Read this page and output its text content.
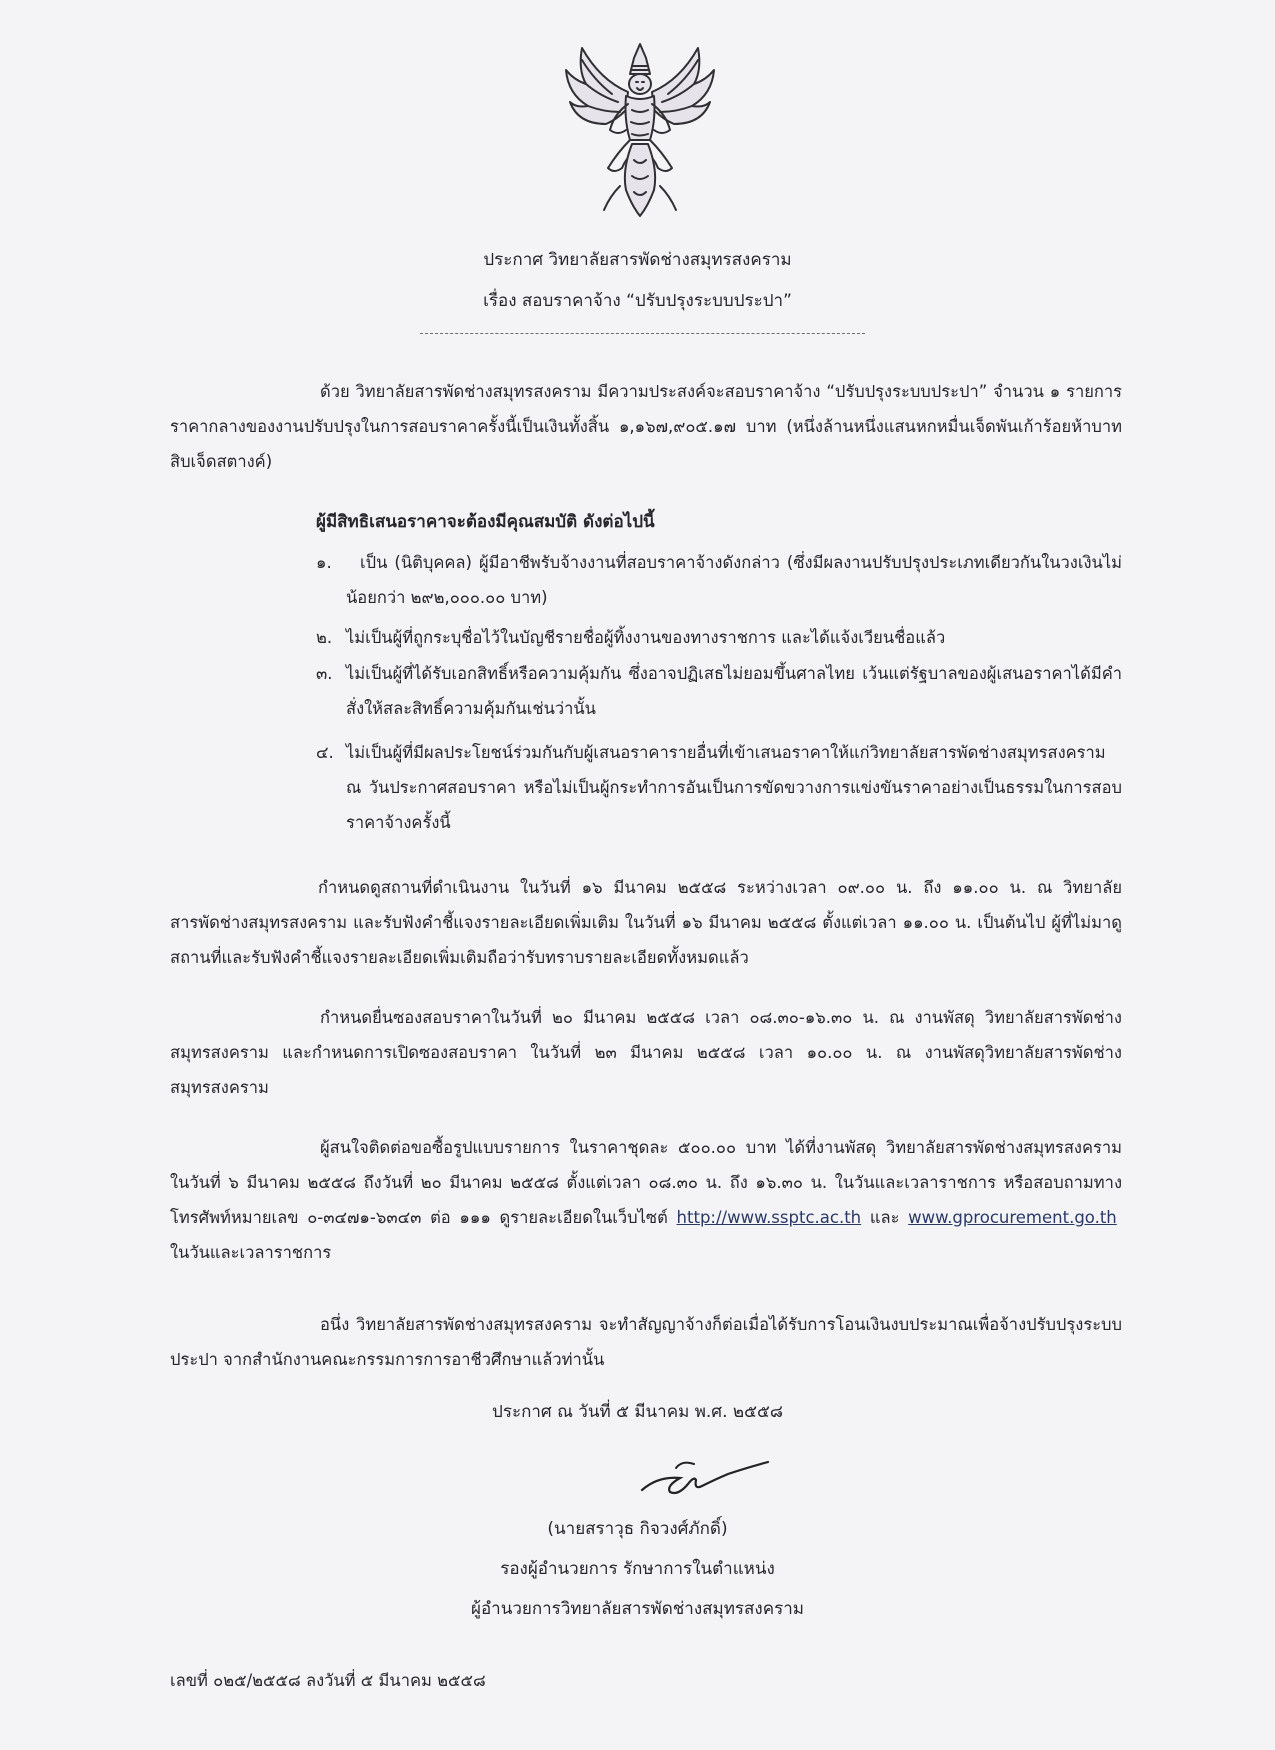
ประกาศ วิทยาลัยสารพัดช่างสมุทรสงคราม
เรื่อง สอบราคาจ้าง “ปรับปรุงระบบประปา”
ด้วย วิทยาลัยสารพัดช่างสมุทรสงคราม มีความประสงค์จะสอบราคาจ้าง “ปรับปรุงระบบประปา” จำนวน ๑ รายการ ราคากลางของงานปรับปรุงในการสอบราคาครั้งนี้เป็นเงินทั้งสิ้น ๑,๑๖๗,๙๐๕.๑๗ บาท (หนึ่งล้านหนึ่งแสนหกหมื่นเจ็ดพันเก้าร้อยห้าบาทสิบเจ็ดสตางค์)
ผู้มีสิทธิเสนอราคาจะต้องมีคุณสมบัติ ดังต่อไปนี้
๑.	เป็น (นิติบุคคล) ผู้มีอาชีพรับจ้างงานที่สอบราคาจ้างดังกล่าว (ซึ่งมีผลงานปรับปรุงประเภทเดียวกันในวงเงินไม่น้อยกว่า ๒๙๒,๐๐๐.๐๐ บาท)
๒. ไม่เป็นผู้ที่ถูกระบุชื่อไว้ในบัญชีรายชื่อผู้ทิ้งงานของทางราชการ และได้แจ้งเวียนชื่อแล้ว
๓. ไม่เป็นผู้ที่ได้รับเอกสิทธิ์หรือความคุ้มกัน ซึ่งอาจปฏิเสธไม่ยอมขึ้นศาลไทย เว้นแต่รัฐบาลของผู้เสนอราคาได้มีคำสั่งให้สละสิทธิ์ความคุ้มกันเช่นว่านั้น
๔. ไม่เป็นผู้ที่มีผลประโยชน์ร่วมกันกับผู้เสนอราคารายอื่นที่เข้าเสนอราคาให้แก่วิทยาลัยสารพัดช่างสมุทรสงคราม ณ วันประกาศสอบราคา หรือไม่เป็นผู้กระทำการอันเป็นการขัดขวางการแข่งขันราคาอย่างเป็นธรรมในการสอบราคาจ้างครั้งนี้
กำหนดดูสถานที่ดำเนินงาน ในวันที่ ๑๖ มีนาคม ๒๕๕๘ ระหว่างเวลา ๐๙.๐๐ น. ถึง ๑๑.๐๐ น. ณ วิทยาลัยสารพัดช่างสมุทรสงคราม และรับฟังคำชี้แจงรายละเอียดเพิ่มเติม ในวันที่ ๑๖ มีนาคม ๒๕๕๘ ตั้งแต่เวลา ๑๑.๐๐ น. เป็นต้นไป ผู้ที่ไม่มาดูสถานที่และรับฟังคำชี้แจงรายละเอียดเพิ่มเติมถือว่ารับทราบรายละเอียดทั้งหมดแล้ว
กำหนดยื่นซองสอบราคาในวันที่ ๒๐ มีนาคม ๒๕๕๘ เวลา ๐๘.๓๐-๑๖.๓๐ น. ณ งานพัสดุ วิทยาลัยสารพัดช่างสมุทรสงคราม และกำหนดการเปิดซองสอบราคา ในวันที่ ๒๓ มีนาคม ๒๕๕๘ เวลา ๑๐.๐๐ น. ณ งานพัสดุวิทยาลัยสารพัดช่างสมุทรสงคราม
ผู้สนใจติดต่อขอซื้อรูปแบบรายการ ในราคาชุดละ ๕๐๐.๐๐ บาท ได้ที่งานพัสดุ วิทยาลัยสารพัดช่างสมุทรสงคราม ในวันที่ ๖ มีนาคม ๒๕๕๘ ถึงวันที่ ๒๐ มีนาคม ๒๕๕๘ ตั้งแต่เวลา ๐๘.๓๐ น. ถึง ๑๖.๓๐ น. ในวันและเวลาราชการ หรือสอบถามทางโทรศัพท์หมายเลข ๐-๓๔๗๑-๖๓๔๓ ต่อ ๑๑๑ ดูรายละเอียดในเว็บไซต์ http://www.ssptc.ac.th และ www.gprocurement.go.th  ในวันและเวลาราชการ
อนึ่ง วิทยาลัยสารพัดช่างสมุทรสงคราม จะทำสัญญาจ้างก็ต่อเมื่อได้รับการโอนเงินงบประมาณเพื่อจ้างปรับปรุงระบบประปา จากสำนักงานคณะกรรมการการอาชีวศึกษาแล้วท่านั้น
ประกาศ ณ วันที่ ๕ มีนาคม พ.ศ. ๒๕๕๘
(นายสราวุธ กิจวงศ์ภักดิ์)
รองผู้อำนวยการ รักษาการในตำแหน่ง
ผู้อำนวยการวิทยาลัยสารพัดช่างสมุทรสงคราม
เลขที่ ๐๒๕/๒๕๕๘ ลงวันที่ ๕ มีนาคม ๒๕๕๘
